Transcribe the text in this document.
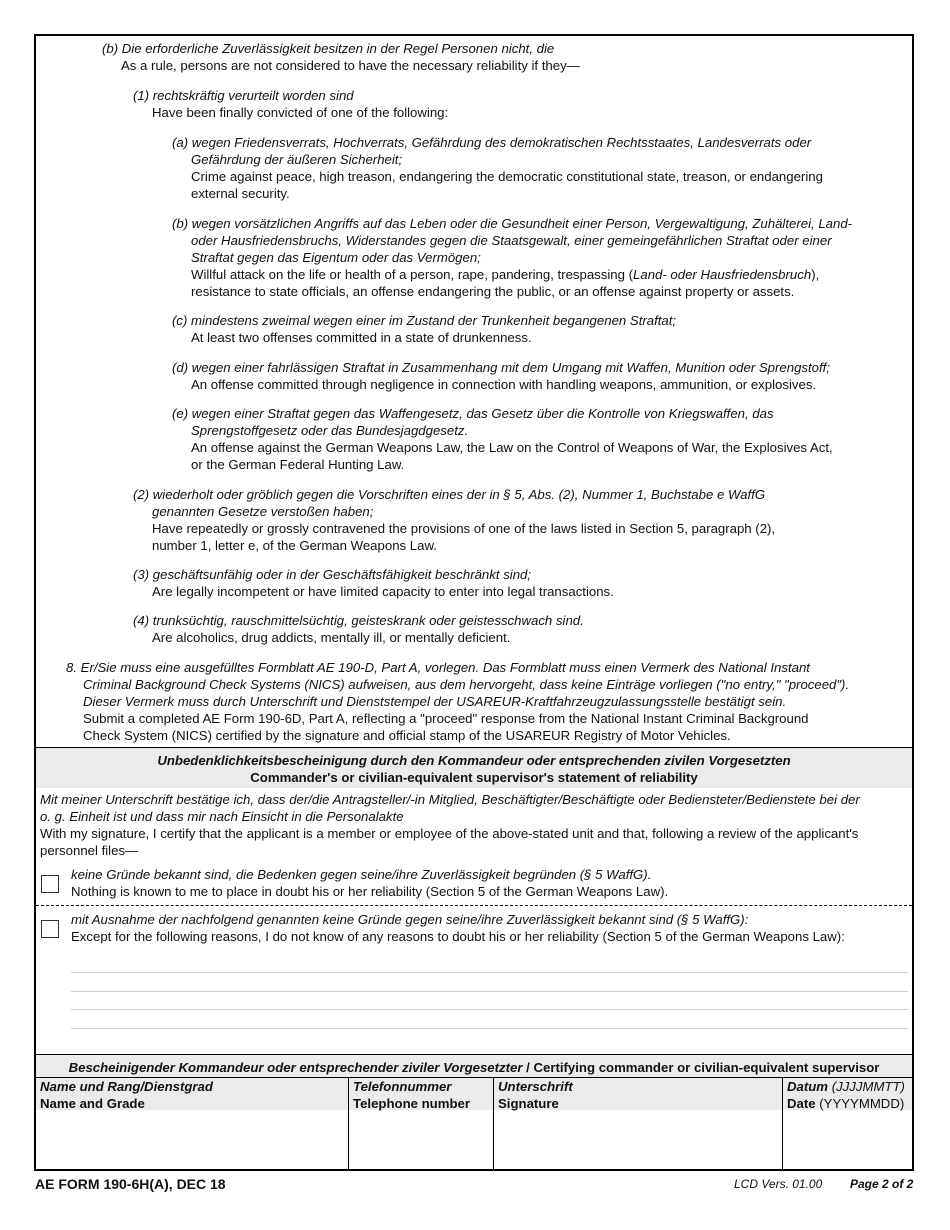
(b) Die erforderliche Zuverlässigkeit besitzen in der Regel Personen nicht, die
As a rule, persons are not considered to have the necessary reliability if they—
(1) rechtskräftig verurteilt worden sind
Have been finally convicted of one of the following:
(a) wegen Friedensverrats, Hochverrats, Gefährdung des demokratischen Rechtsstaates, Landesverrats oder
Gefährdung der äußeren Sicherheit;
Crime against peace, high treason, endangering the democratic constitutional state, treason, or endangering
external security.
(b) wegen vorsätzlichen Angriffs auf das Leben oder die Gesundheit einer Person, Vergewaltigung, Zuhälterei, Land-
oder Hausfriedensbruchs, Widerstandes gegen die Staatsgewalt, einer gemeingefährlichen Straftat oder einer
Straftat gegen das Eigentum oder das Vermögen;
Willful attack on the life or health of a person, rape, pandering, trespassing (Land- oder Hausfriedensbruch),
resistance to state officials, an offense endangering the public, or an offense against property or assets.
(c) mindestens zweimal wegen einer im Zustand der Trunkenheit begangenen Straftat;
At least two offenses committed in a state of drunkenness.
(d) wegen einer fahrlässigen Straftat in Zusammenhang mit dem Umgang mit Waffen, Munition oder Sprengstoff;
An offense committed through negligence in connection with handling weapons, ammunition, or explosives.
(e) wegen einer Straftat gegen das Waffengesetz, das Gesetz über die Kontrolle von Kriegswaffen, das
Sprengstoffgesetz oder das Bundesjagdgesetz.
An offense against the German Weapons Law, the Law on the Control of Weapons of War, the Explosives Act,
or the German Federal Hunting Law.
(2) wiederholt oder gröblich gegen die Vorschriften eines der in § 5, Abs. (2), Nummer 1, Buchstabe e WaffG
genannten Gesetze verstoßen haben;
Have repeatedly or grossly contravened the provisions of one of the laws listed in Section 5, paragraph (2),
number 1, letter e, of the German Weapons Law.
(3) geschäftsunfähig oder in der Geschäftsfähigkeit beschränkt sind;
Are legally incompetent or have limited capacity to enter into legal transactions.
(4) trunksüchtig, rauschmittelsüchtig, geisteskrank oder geistesschwach sind.
Are alcoholics, drug addicts, mentally ill, or mentally deficient.
8. Er/Sie muss eine ausgefülltes Formblatt AE 190-D, Part A, vorlegen. Das Formblatt muss einen Vermerk des National Instant
Criminal Background Check Systems (NICS) aufweisen, aus dem hervorgeht, dass keine Einträge vorliegen ("no entry," "proceed").
Dieser Vermerk muss durch Unterschrift und Dienststempel der USAREUR-Kraftfahrzeugzulassungsstelle bestätigt sein.
Submit a completed AE Form 190-6D, Part A, reflecting a "proceed" response from the National Instant Criminal Background
Check System (NICS) certified by the signature and official stamp of the USAREUR Registry of Motor Vehicles.
Unbedenklichkeitsbescheinigung durch den Kommandeur oder entsprechenden zivilen Vorgesetzten
Commander's or civilian-equivalent supervisor's statement of reliability
Mit meiner Unterschrift bestätige ich, dass der/die Antragsteller/-in Mitglied, Beschäftigter/Beschäftigte oder Bediensteter/Bedienstete bei der
o. g. Einheit ist und dass mir nach Einsicht in die Personalakte
With my signature, I certify that the applicant is a member or employee of the above-stated unit and that, following a review of the applicant's
personnel files—
keine Gründe bekannt sind, die Bedenken gegen seine/ihre Zuverlässigkeit begründen (§ 5 WaffG).
Nothing is known to me to place in doubt his or her reliability (Section 5 of the German Weapons Law).
mit Ausnahme der nachfolgend genannten keine Gründe gegen seine/ihre Zuverlässigkeit bekannt sind (§ 5 WaffG):
Except for the following reasons, I do not know of any reasons to doubt his or her reliability (Section 5 of the German Weapons Law):
Bescheinigender Kommandeur oder entsprechender ziviler Vorgesetzter / Certifying commander or civilian-equivalent supervisor
Name und Rang/Dienstgrad
Name and Grade
Telefonnummer
Telephone number
Unterschrift
Signature
Datum (JJJJMMTT)
Date (YYYYMMDD)
AE FORM 190-6H(A), DEC 18	LCD Vers. 01.00 Page 2 of 2
